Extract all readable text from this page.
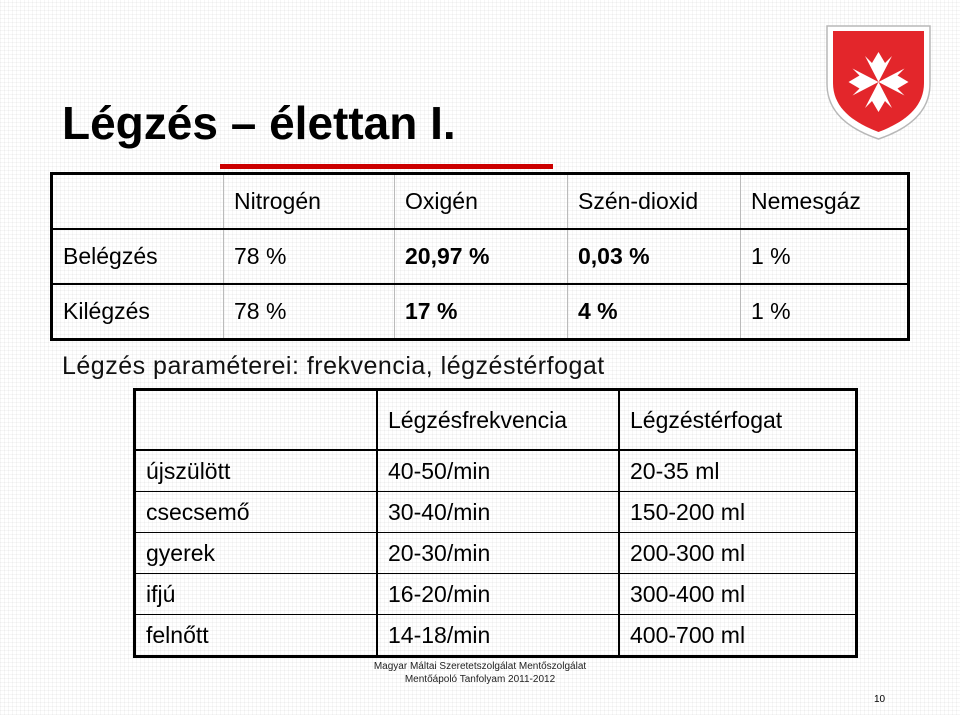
Légzés – élettan I.
	Nitrogén	Oxigén	Szén-dioxid	Nemesgáz
Belégzés	78 %	20,97 %	0,03 %	1 %
Kilégzés	78 %	17 %	4 %	1 %
Légzés paraméterei: frekvencia, légzéstérfogat
	Légzésfrekvencia	Légzéstérfogat
újszülött	40-50/min	20-35 ml
csecsemő	30-40/min	150-200 ml
gyerek	20-30/min	200-300 ml
ifjú	16-20/min	300-400 ml
felnőtt	14-18/min	400-700 ml
Magyar Máltai Szeretetszolgálat Mentőszolgálat
Mentőápoló Tanfolyam 2011-2012
10
